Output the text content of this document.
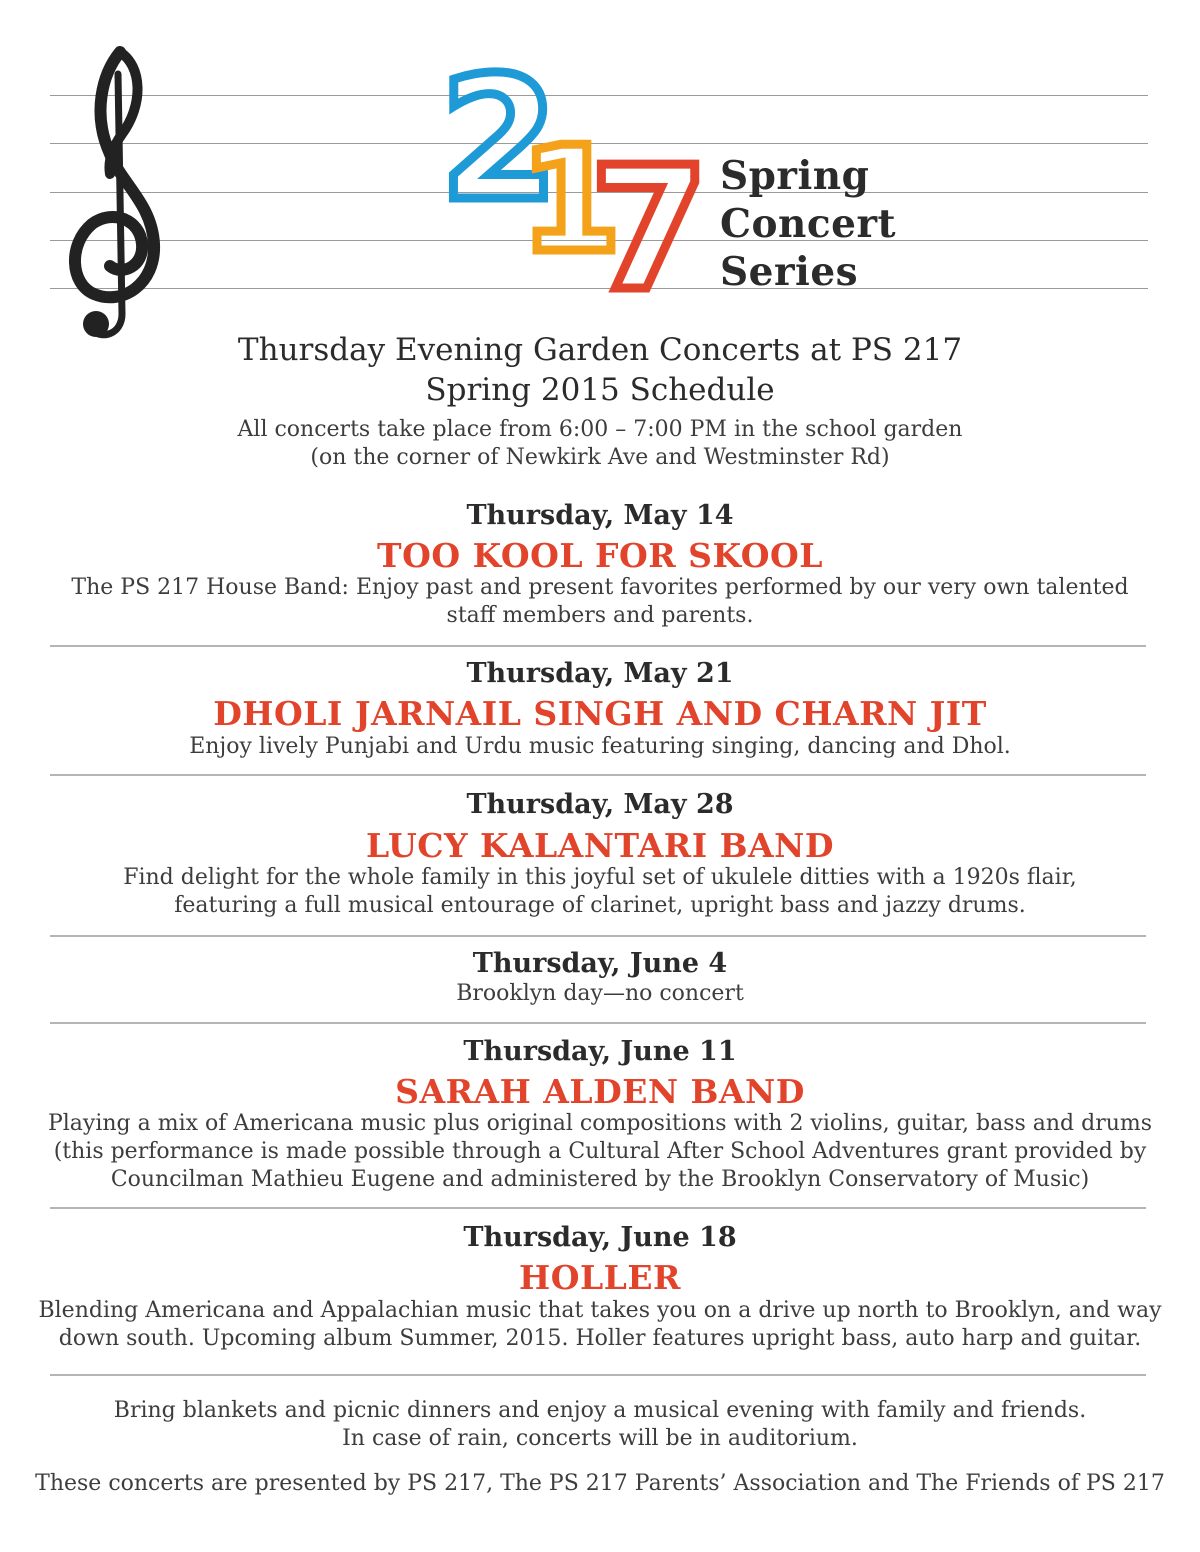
2
1
7 Spring
Concert
Series
Thursday Evening Garden Concerts at PS 217
Spring 2015 Schedule
All concerts take place from 6:00 – 7:00 PM in the school garden
(on the corner of Newkirk Ave and Westminster Rd)
Thursday, May 14
TOO KOOL FOR SKOOL
The PS 217 House Band: Enjoy past and present favorites performed by our very own talented
staff members and parents.
Thursday, May 21
DHOLI JARNAIL SINGH AND CHARN JIT
Enjoy lively Punjabi and Urdu music featuring singing, dancing and Dhol.
Thursday, May 28
LUCY KALANTARI BAND
Find delight for the whole family in this joyful set of ukulele ditties with a 1920s flair,
featuring a full musical entourage of clarinet, upright bass and jazzy drums.
Thursday, June 4
Brooklyn day—no concert
Thursday, June 11
SARAH ALDEN BAND
Playing a mix of Americana music plus original compositions with 2 violins, guitar, bass and drums
(this performance is made possible through a Cultural After School Adventures grant provided by
Councilman Mathieu Eugene and administered by the Brooklyn Conservatory of Music)
Thursday, June 18
HOLLER
Blending Americana and Appalachian music that takes you on a drive up north to Brooklyn, and way
down south. Upcoming album Summer, 2015. Holler features upright bass, auto harp and guitar.
Bring blankets and picnic dinners and enjoy a musical evening with family and friends.
In case of rain, concerts will be in auditorium.
These concerts are presented by PS 217, The PS 217 Parents’ Association and The Friends of PS 217
